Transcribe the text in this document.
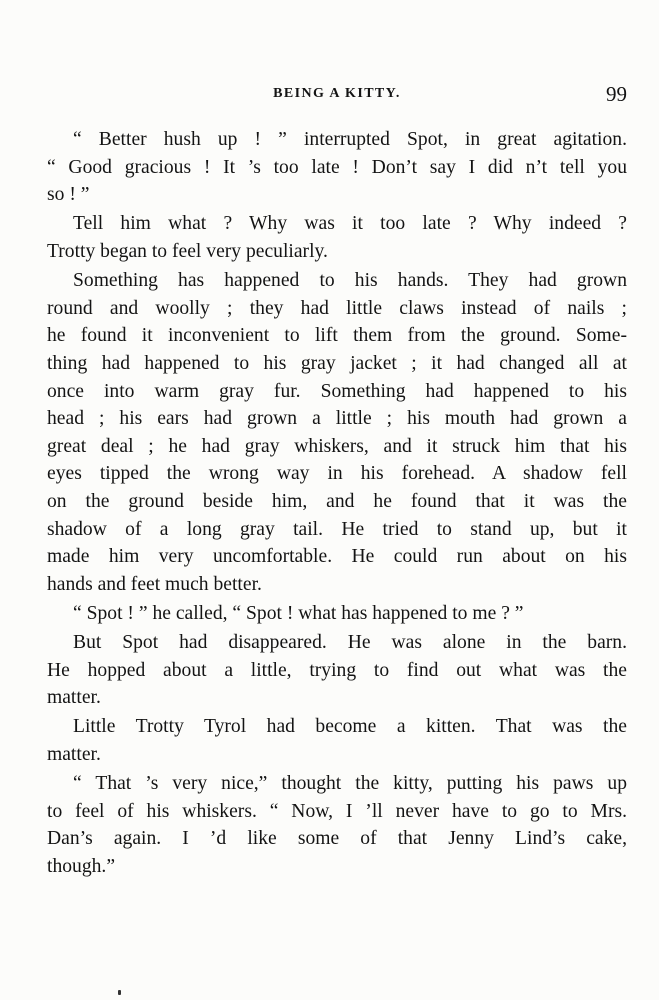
BEING A KITTY.	99
“ Better hush up ! ” interrupted Spot, in great agitation.
“ Good gracious ! It ’s too late ! Don’t say I did n’t tell you
so ! ”
Tell him what ? Why was it too late ? Why indeed ?
Trotty began to feel very peculiarly.
Something has happened to his hands. They had grown
round and woolly ; they had little claws instead of nails ;
he found it inconvenient to lift them from the ground. Some-
thing had happened to his gray jacket ; it had changed all at
once into warm gray fur. Something had happened to his
head ; his ears had grown a little ; his mouth had grown a
great deal ; he had gray whiskers, and it struck him that his
eyes tipped the wrong way in his forehead. A shadow fell
on the ground beside him, and he found that it was the
shadow of a long gray tail. He tried to stand up, but it
made him very uncomfortable. He could run about on his
hands and feet much better.
“ Spot ! ” he called, “ Spot ! what has happened to me ? ”
But Spot had disappeared. He was alone in the barn.
He hopped about a little, trying to find out what was the
matter.
Little Trotty Tyrol had become a kitten. That was the
matter.
“ That ’s very nice,” thought the kitty, putting his paws up
to feel of his whiskers. “ Now, I ’ll never have to go to Mrs.
Dan’s again. I ’d like some of that Jenny Lind’s cake,
though.”
